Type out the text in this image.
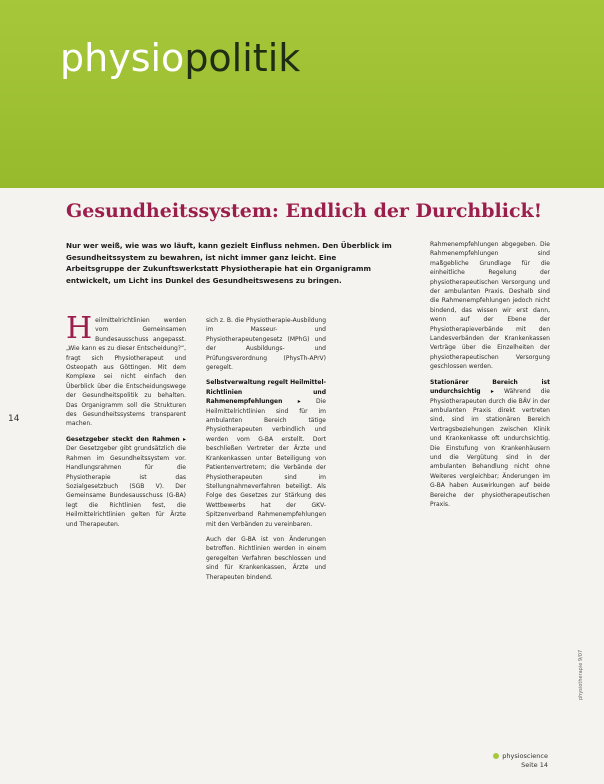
physiopolitik
Gesundheitssystem: Endlich der Durchblick!
Nur wer weiß, wie was wo läuft, kann gezielt Einfluss nehmen. Den Überblick im Gesundheitssystem zu bewahren, ist nicht immer ganz leicht. Eine Arbeitsgruppe der Zukunftswerkstatt Physiotherapie hat ein Organigramm entwickelt, um Licht ins Dunkel des Gesundheitswesens zu bringen.
14

Heilmittelrichtlinien werden vom Gemeinsamen Bundesausschuss angepasst. „Wie kann es zu dieser Entscheidung?“, fragt sich Physiotherapeut und Osteopath aus Göttingen. Mit dem Komplexe sei nicht einfach den Überblick über die Entscheidungswege der Gesundheitspolitik zu behalten. Das Organigramm soll die Strukturen des Gesundheitssystems transparent machen.

Gesetzgeber steckt den Rahmen ▸ Der Gesetzgeber gibt grundsätzlich die Rahmen im Gesundheitssystem vor. Handlungsrahmen für die Physiotherapie ist das Sozialgesetzbuch (SGB V). Der Gemeinsame Bundesausschuss (G-BA) legt die Richtlinien fest, die Heilmittelrichtlinien gelten für Ärzte und Therapeuten.

sich z. B. die Physiotherapie-Ausbildung im Masseur- und Physiotherapeutengesetz (MPhG) und der Ausbildungs- und Prüfungsverordnung (PhysTh-APrV) geregelt.

Selbstverwaltung regelt Heilmittel-Richtlinien und Rahmenempfehlungen ▸	Die Heilmittelrichtlinien sind für im ambulanten Bereich tätige Physiotherapeuten verbindlich und werden vom G-BA erstellt. Dort beschließen Vertreter der Ärzte und Krankenkassen unter Beteiligung von Patientenvertretern; die Verbände der Physiotherapeuten sind im Stellungnahmeverfahren beteiligt. Als Folge des Gesetzes zur Stärkung des Wettbewerbs hat der GKV-Spitzenverband Rahmenempfehlungen mit den Verbänden zu vereinbaren.

Auch der G-BA ist von Änderungen betroffen. Richtlinien werden in einem geregelten Verfahren beschlossen und sind für Krankenkassen, Ärzte und Therapeuten bindend.

Rahmenempfehlungen abgegeben. Die Rahmenempfehlungen sind maßgebliche Grundlage für die einheitliche Regelung der physiotherapeutischen Versorgung und der ambulanten Praxis. Deshalb sind die Rahmenempfehlungen jedoch nicht bindend, das wissen wir erst dann, wenn auf der Ebene der Physiotherapieverbände mit den Landesverbänden der Krankenkassen Verträge über die Einzelheiten der physiotherapeutischen Versorgung geschlossen werden.

Stationärer Bereich ist undurchsichtig ▸ Während die Physiotherapeuten durch die BÄV in der ambulanten Praxis direkt vertreten sind, sind im stationären Bereich Vertragsbeziehungen zwischen Klinik und Krankenkasse oft undurchsichtig. Die Einstufung von Krankenhäusern und die Vergütung sind in der ambulanten Behandlung nicht ohne Weiteres vergleichbar; Änderungen im G-BA haben Auswirkungen auf beide Bereiche der physiotherapeutischen Praxis.

physiotherapie 9/07
physioscience
Seite 14
